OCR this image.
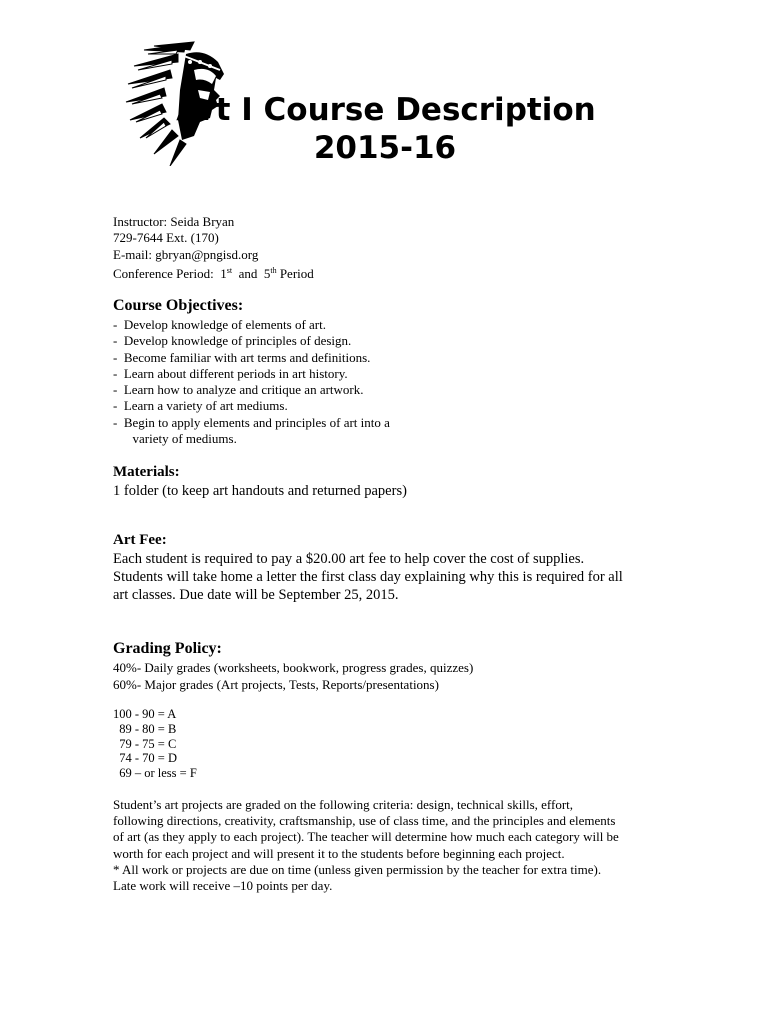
Art I Course Description
2015-16
Instructor: Seida Bryan
729-7644 Ext. (170)
E-mail: gbryan@pngisd.org
Conference Period:  1st  and  5th Period
Course Objectives:
-  Develop knowledge of elements of art.
-  Develop knowledge of principles of design.
-  Become familiar with art terms and definitions.
-  Learn about different periods in art history.
-  Learn how to analyze and critique an artwork.
-  Learn a variety of art mediums.
-  Begin to apply elements and principles of art into a
variety of mediums.
Materials:
1 folder (to keep art handouts and returned papers)
Art Fee:
Each student is required to pay a $20.00 art fee to help cover the cost of supplies.
Students will take home a letter the first class day explaining why this is required for all
art classes. Due date will be September 25, 2015.
Grading Policy:
40%- Daily grades (worksheets, bookwork, progress grades, quizzes)
60%- Major grades (Art projects, Tests, Reports/presentations)
100 - 90 = A
89 - 80 = B
79 - 75 = C
74 - 70 = D
69 – or less = F
Student’s art projects are graded on the following criteria: design, technical skills, effort,
following directions, creativity, craftsmanship, use of class time, and the principles and elements
of art (as they apply to each project). The teacher will determine how much each category will be
worth for each project and will present it to the students before beginning each project.
* All work or projects are due on time (unless given permission by the teacher for extra time).
Late work will receive –10 points per day.
